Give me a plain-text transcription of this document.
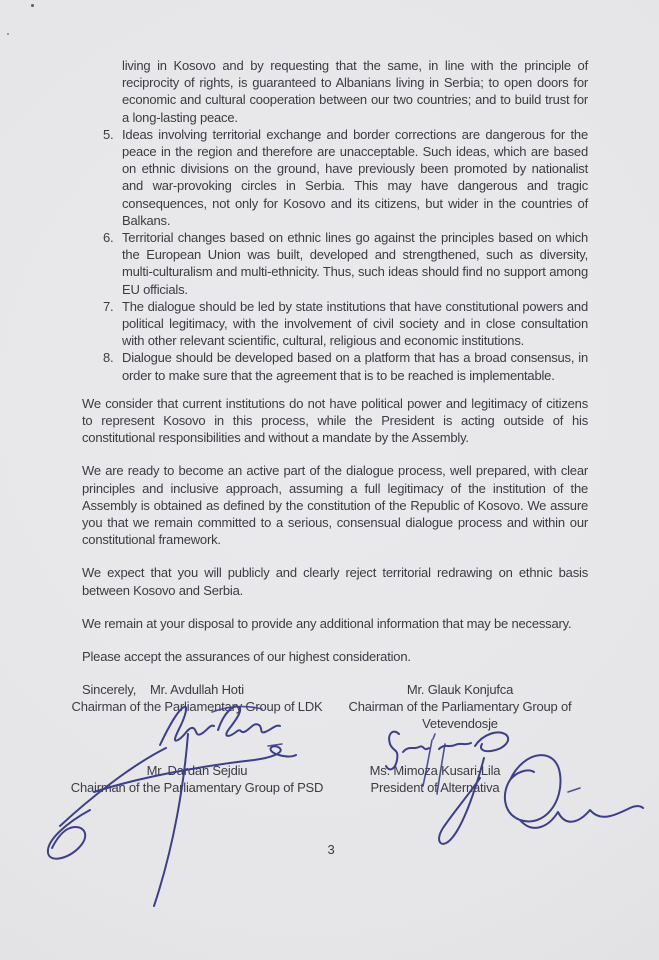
living in Kosovo and by requesting that the same, in line with the principle of reciprocity of rights, is guaranteed to Albanians living in Serbia; to open doors for economic and cultural cooperation between our two countries; and to build trust for a long-lasting peace.

5. Ideas involving territorial exchange and border corrections are dangerous for the peace in the region and therefore are unacceptable. Such ideas, which are based on ethnic divisions on the ground, have previously been promoted by nationalist and war-provoking circles in Serbia. This may have dangerous and tragic consequences, not only for Kosovo and its citizens, but wider in the countries of Balkans.
6. Territorial changes based on ethnic lines go against the principles based on which the European Union was built, developed and strengthened, such as diversity, multi-culturalism and multi-ethnicity. Thus, such ideas should find no support among EU officials.
7. The dialogue should be led by state institutions that have constitutional powers and political legitimacy, with the involvement of civil society and in close consultation with other relevant scientific, cultural, religious and economic institutions.
8. Dialogue should be developed based on a platform that has a broad consensus, in order to make sure that the agreement that is to be reached is implementable.

We consider that current institutions do not have political power and legitimacy of citizens to represent Kosovo in this process, while the President is acting outside of his constitutional responsibilities and without a mandate by the Assembly.

We are ready to become an active part of the dialogue process, well prepared, with clear principles and inclusive approach, assuming a full legitimacy of the institution of the Assembly is obtained as defined by the constitution of the Republic of Kosovo. We assure you that we remain committed to a serious, consensual dialogue process and within our constitutional framework.

We expect that you will publicly and clearly reject territorial redrawing on ethnic basis between Kosovo and Serbia.

We remain at your disposal to provide any additional information that may be necessary.

Please accept the assurances of our highest consideration.

Sincerely,	Mr. Avdullah Hoti
Chairman of the Parliamentary Group of LDK
Mr. Glauk Konjufca
Chairman of the Parliamentary Group of
Vetevendosje
Mr. Dardan Sejdiu
Chairman of the Parliamentary Group of PSD
Ms. Mimoza Kusari-Lila
President of Alternativa
3
